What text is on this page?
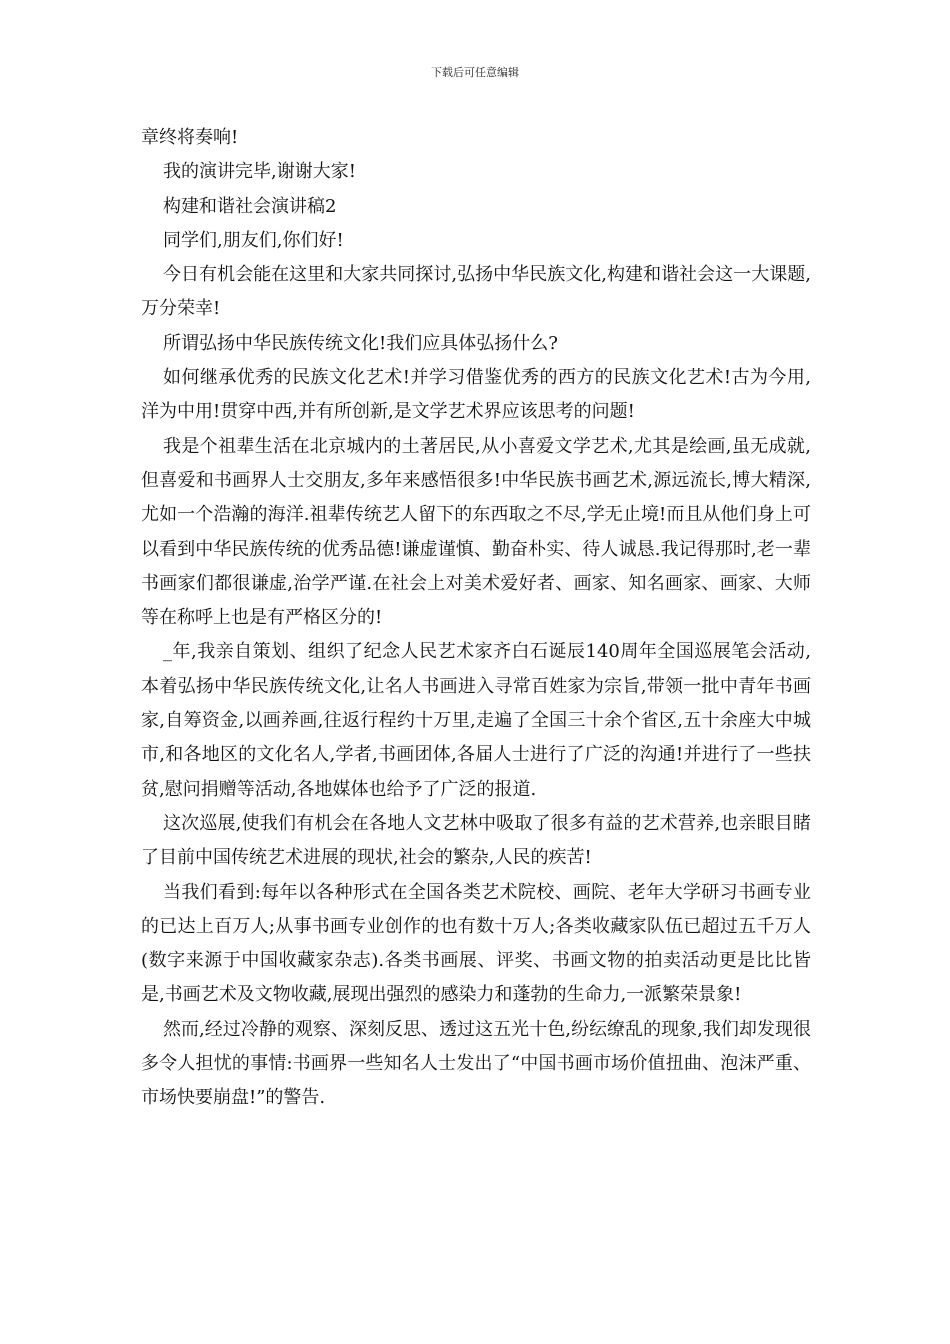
下载后可任意编辑

章终将奏响!

我的演讲完毕,谢谢大家!

构建和谐社会演讲稿2

同学们,朋友们,你们好!

今日有机会能在这里和大家共同探讨,弘扬中华民族文化,构建和谐社会这一大课题,万分荣幸!

所谓弘扬中华民族传统文化!我们应具体弘扬什么?

如何继承优秀的民族文化艺术!并学习借鉴优秀的西方的民族文化艺术!古为今用,洋为中用!贯穿中西,并有所创新,是文学艺术界应该思考的问题!

我是个祖辈生活在北京城内的土著居民,从小喜爱文学艺术,尤其是绘画,虽无成就,但喜爱和书画界人士交朋友,多年来感悟很多!中华民族书画艺术,源远流长,博大精深,尤如一个浩瀚的海洋.祖辈传统艺人留下的东西取之不尽,学无止境!而且从他们身上可以看到中华民族传统的优秀品德!谦虚谨慎、勤奋朴实、待人诚恳.我记得那时,老一辈书画家们都很谦虚,治学严谨.在社会上对美术爱好者、画家、知名画家、画家、大师等在称呼上也是有严格区分的!

_年,我亲自策划、组织了纪念人民艺术家齐白石诞辰140周年全国巡展笔会活动,本着弘扬中华民族传统文化,让名人书画进入寻常百姓家为宗旨,带领一批中青年书画家,自筹资金,以画养画,往返行程约十万里,走遍了全国三十余个省区,五十余座大中城市,和各地区的文化名人,学者,书画团体,各届人士进行了广泛的沟通!并进行了一些扶贫,慰问捐赠等活动,各地媒体也给予了广泛的报道.

这次巡展,使我们有机会在各地人文艺林中吸取了很多有益的艺术营养,也亲眼目睹了目前中国传统艺术进展的现状,社会的繁杂,人民的疾苦!

当我们看到:每年以各种形式在全国各类艺术院校、画院、老年大学研习书画专业的已达上百万人;从事书画专业创作的也有数十万人;各类收藏家队伍已超过五千万人(数字来源于中国收藏家杂志).各类书画展、评奖、书画文物的拍卖活动更是比比皆是,书画艺术及文物收藏,展现出强烈的感染力和蓬勃的生命力,一派繁荣景象!

然而,经过冷静的观察、深刻反思、透过这五光十色,纷纭缭乱的现象,我们却发现很多令人担忧的事情:书画界一些知名人士发出了“中国书画市场价值扭曲、泡沫严重、市场快要崩盘!”的警告.
